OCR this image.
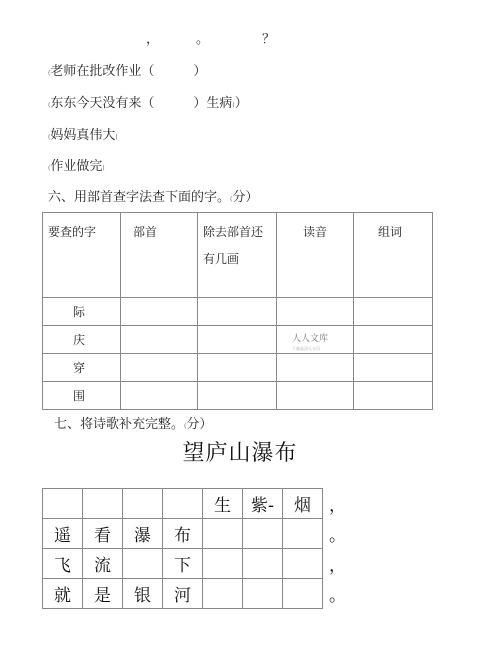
，	。	？
(老师在批改作业（　　　）
(东东今天没有来（　　　）生病(）
(妈妈真伟大(
(作业做完(
六、用部首查字法查下面的字。(分）
要查的字	部首	除去部首还有几画	读音	组词

际				

庆				

穿				

围				

人人文库
下载高清无水印
七、将诗歌补充完整。(分）
望庐山瀑布
				生	紫-	烟	，
遥	看	瀑	布				。
飞	流		下				，
就	是	银	河				。
